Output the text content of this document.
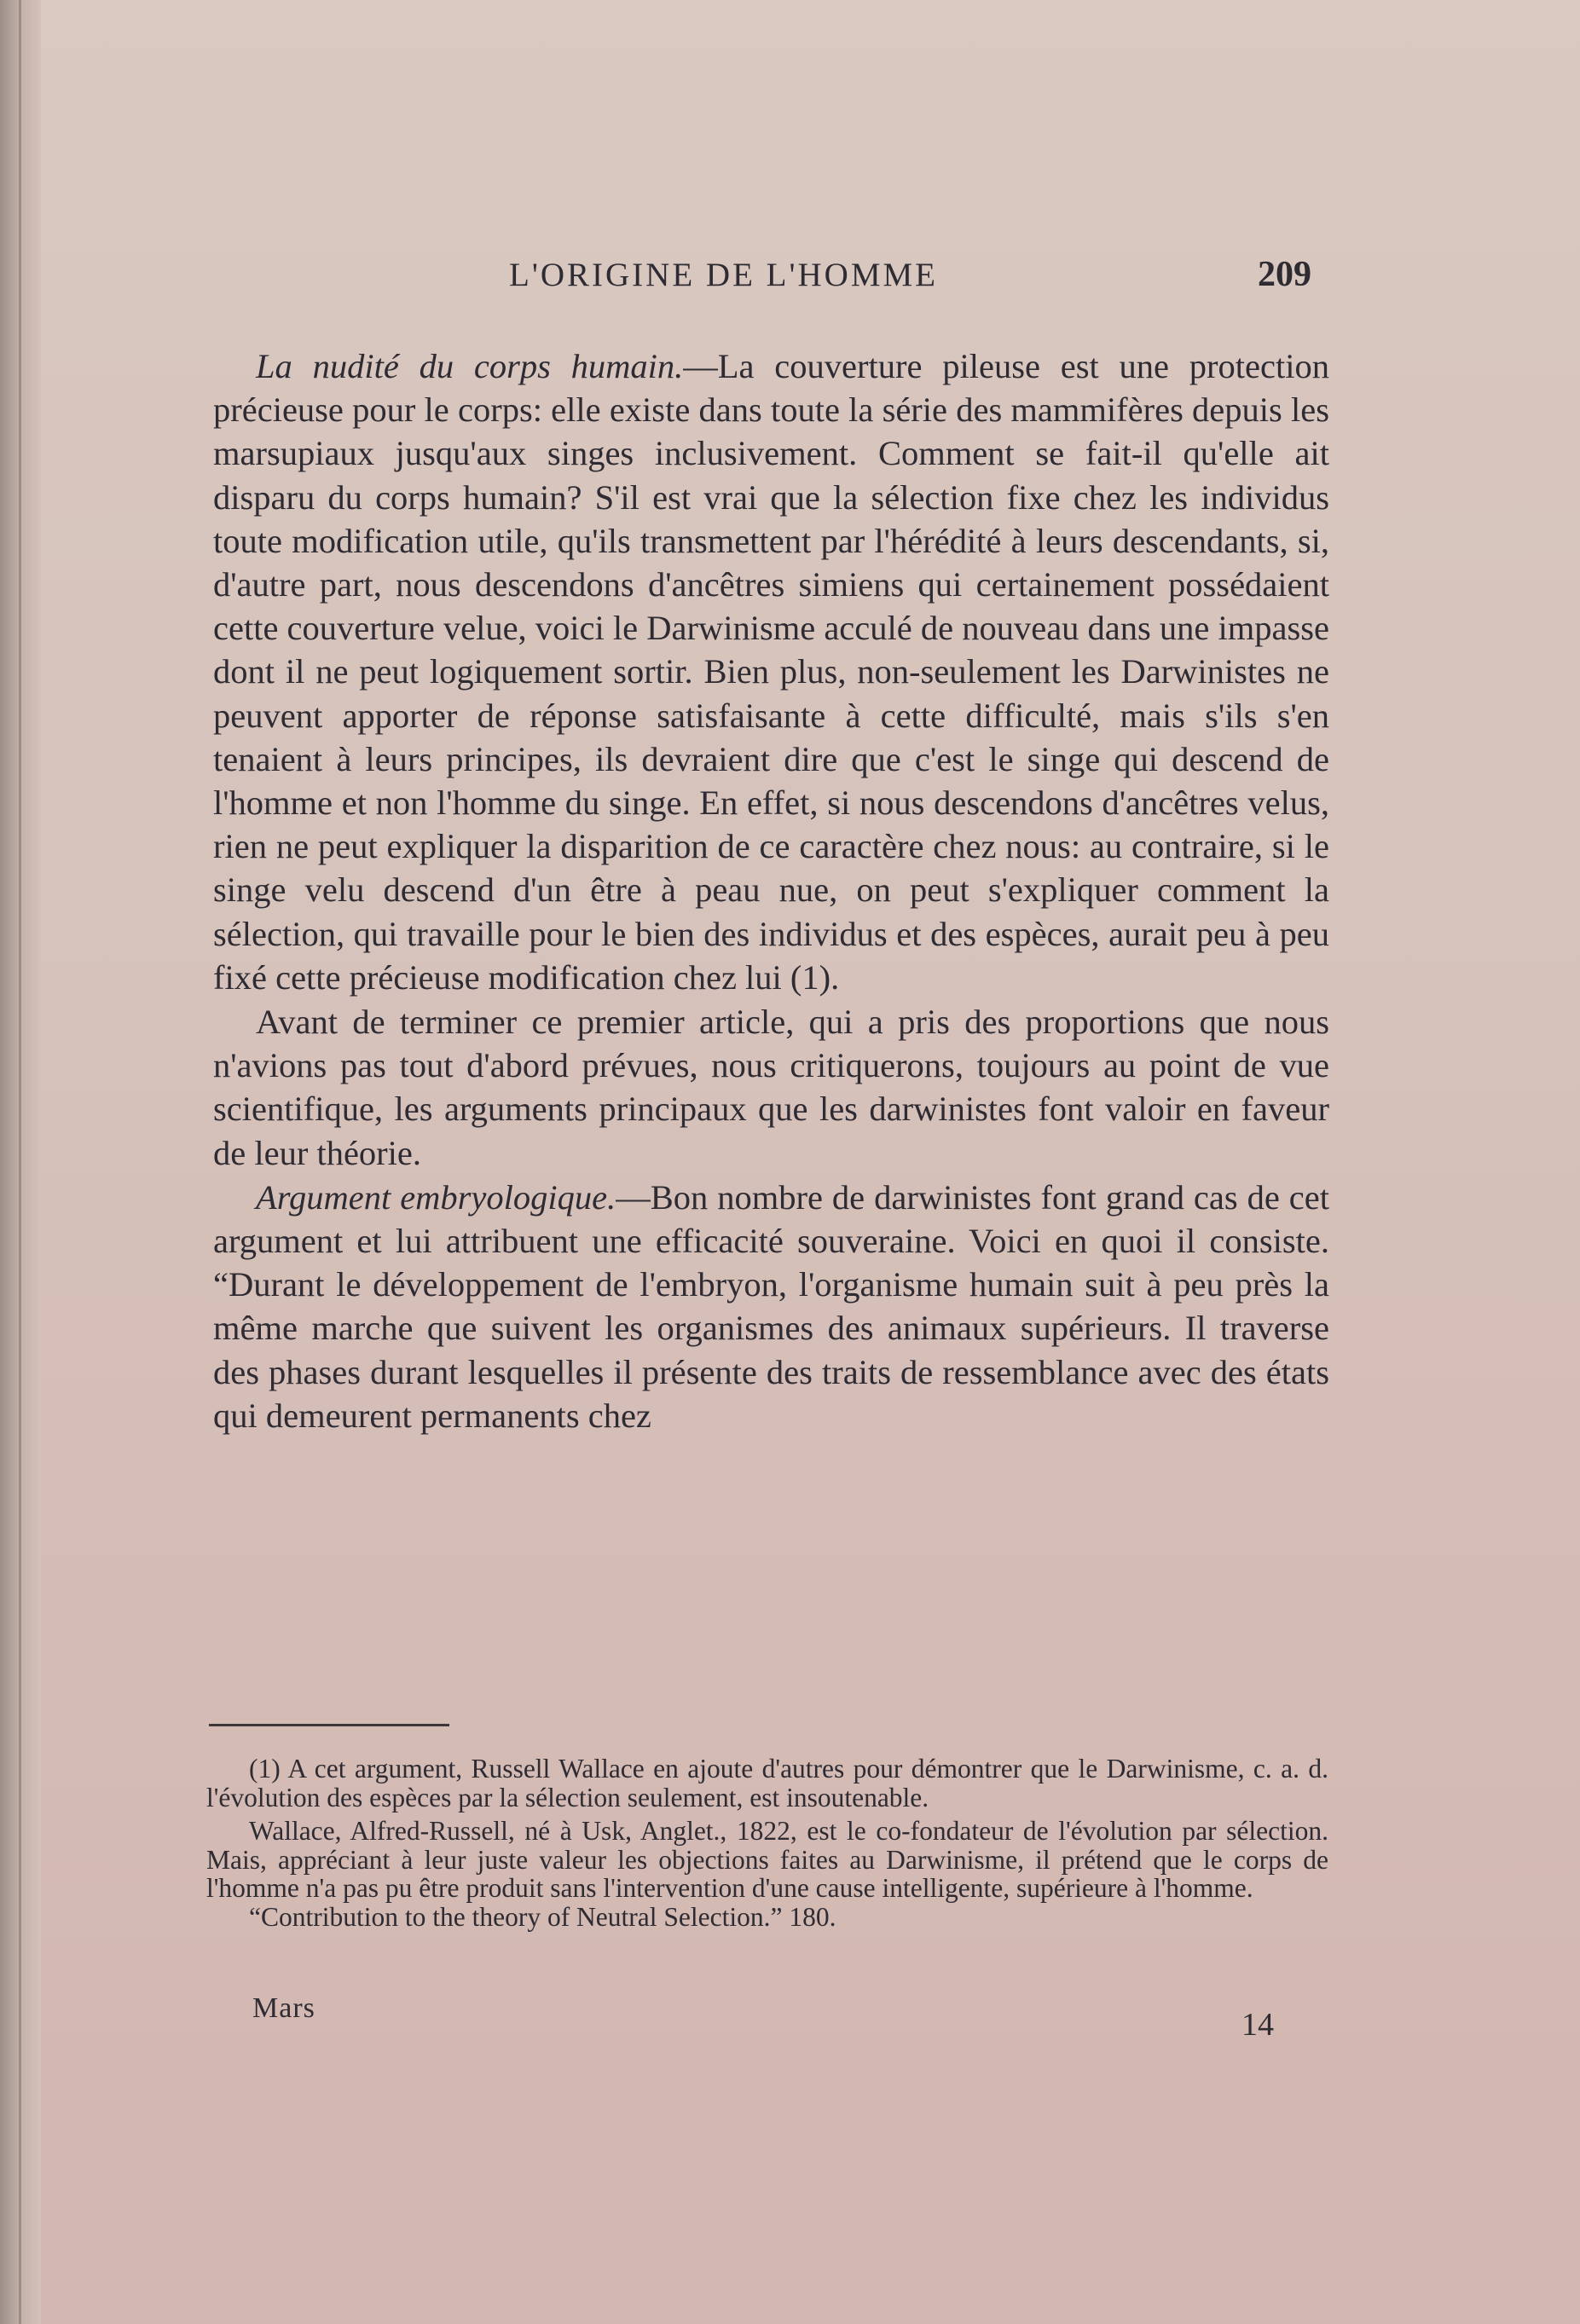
L'ORIGINE DE L'HOMME	209

La nudité du corps humain.—La couverture pileuse est une protection précieuse pour le corps: elle existe dans toute la série des mammifères depuis les marsupiaux jusqu'aux singes inclusivement. Comment se fait-il qu'elle ait disparu du corps humain? S'il est vrai que la sélection fixe chez les individus toute modification utile, qu'ils transmettent par l'hérédité à leurs descendants, si, d'autre part, nous descendons d'ancêtres simiens qui certainement possédaient cette couverture velue, voici le Darwinisme acculé de nouveau dans une impasse dont il ne peut logiquement sortir. Bien plus, non-seulement les Darwinistes ne peuvent apporter de réponse satisfaisante à cette difficulté, mais s'ils s'en tenaient à leurs principes, ils devraient dire que c'est le singe qui descend de l'homme et non l'homme du singe. En effet, si nous descendons d'ancêtres velus, rien ne peut expliquer la disparition de ce caractère chez nous: au contraire, si le singe velu descend d'un être à peau nue, on peut s'expliquer comment la sélection, qui travaille pour le bien des individus et des espèces, aurait peu à peu fixé cette précieuse modification chez lui (1).

Avant de terminer ce premier article, qui a pris des proportions que nous n'avions pas tout d'abord prévues, nous critiquerons, toujours au point de vue scientifique, les arguments principaux que les darwinistes font valoir en faveur de leur théorie.

Argument embryologique.—Bon nombre de darwinistes font grand cas de cet argument et lui attribuent une efficacité souveraine. Voici en quoi il consiste. “Durant le développement de l'embryon, l'organisme humain suit à peu près la même marche que suivent les organismes des animaux supérieurs. Il traverse des phases durant lesquelles il présente des traits de ressemblance avec des états qui demeurent permanents chez

(1) A cet argument, Russell Wallace en ajoute d'autres pour démontrer que le Darwinisme, c. a. d. l'évolution des espèces par la sélection seulement, est insoutenable.

Wallace, Alfred-Russell, né à Usk, Anglet., 1822, est le co-fondateur de l'évolution par sélection. Mais, appréciant à leur juste valeur les objections faites au Darwinisme, il prétend que le corps de l'homme n'a pas pu être produit sans l'intervention d'une cause intelligente, supérieure à l'homme.

“Contribution to the theory of Neutral Selection.” 180.

Mars	14
